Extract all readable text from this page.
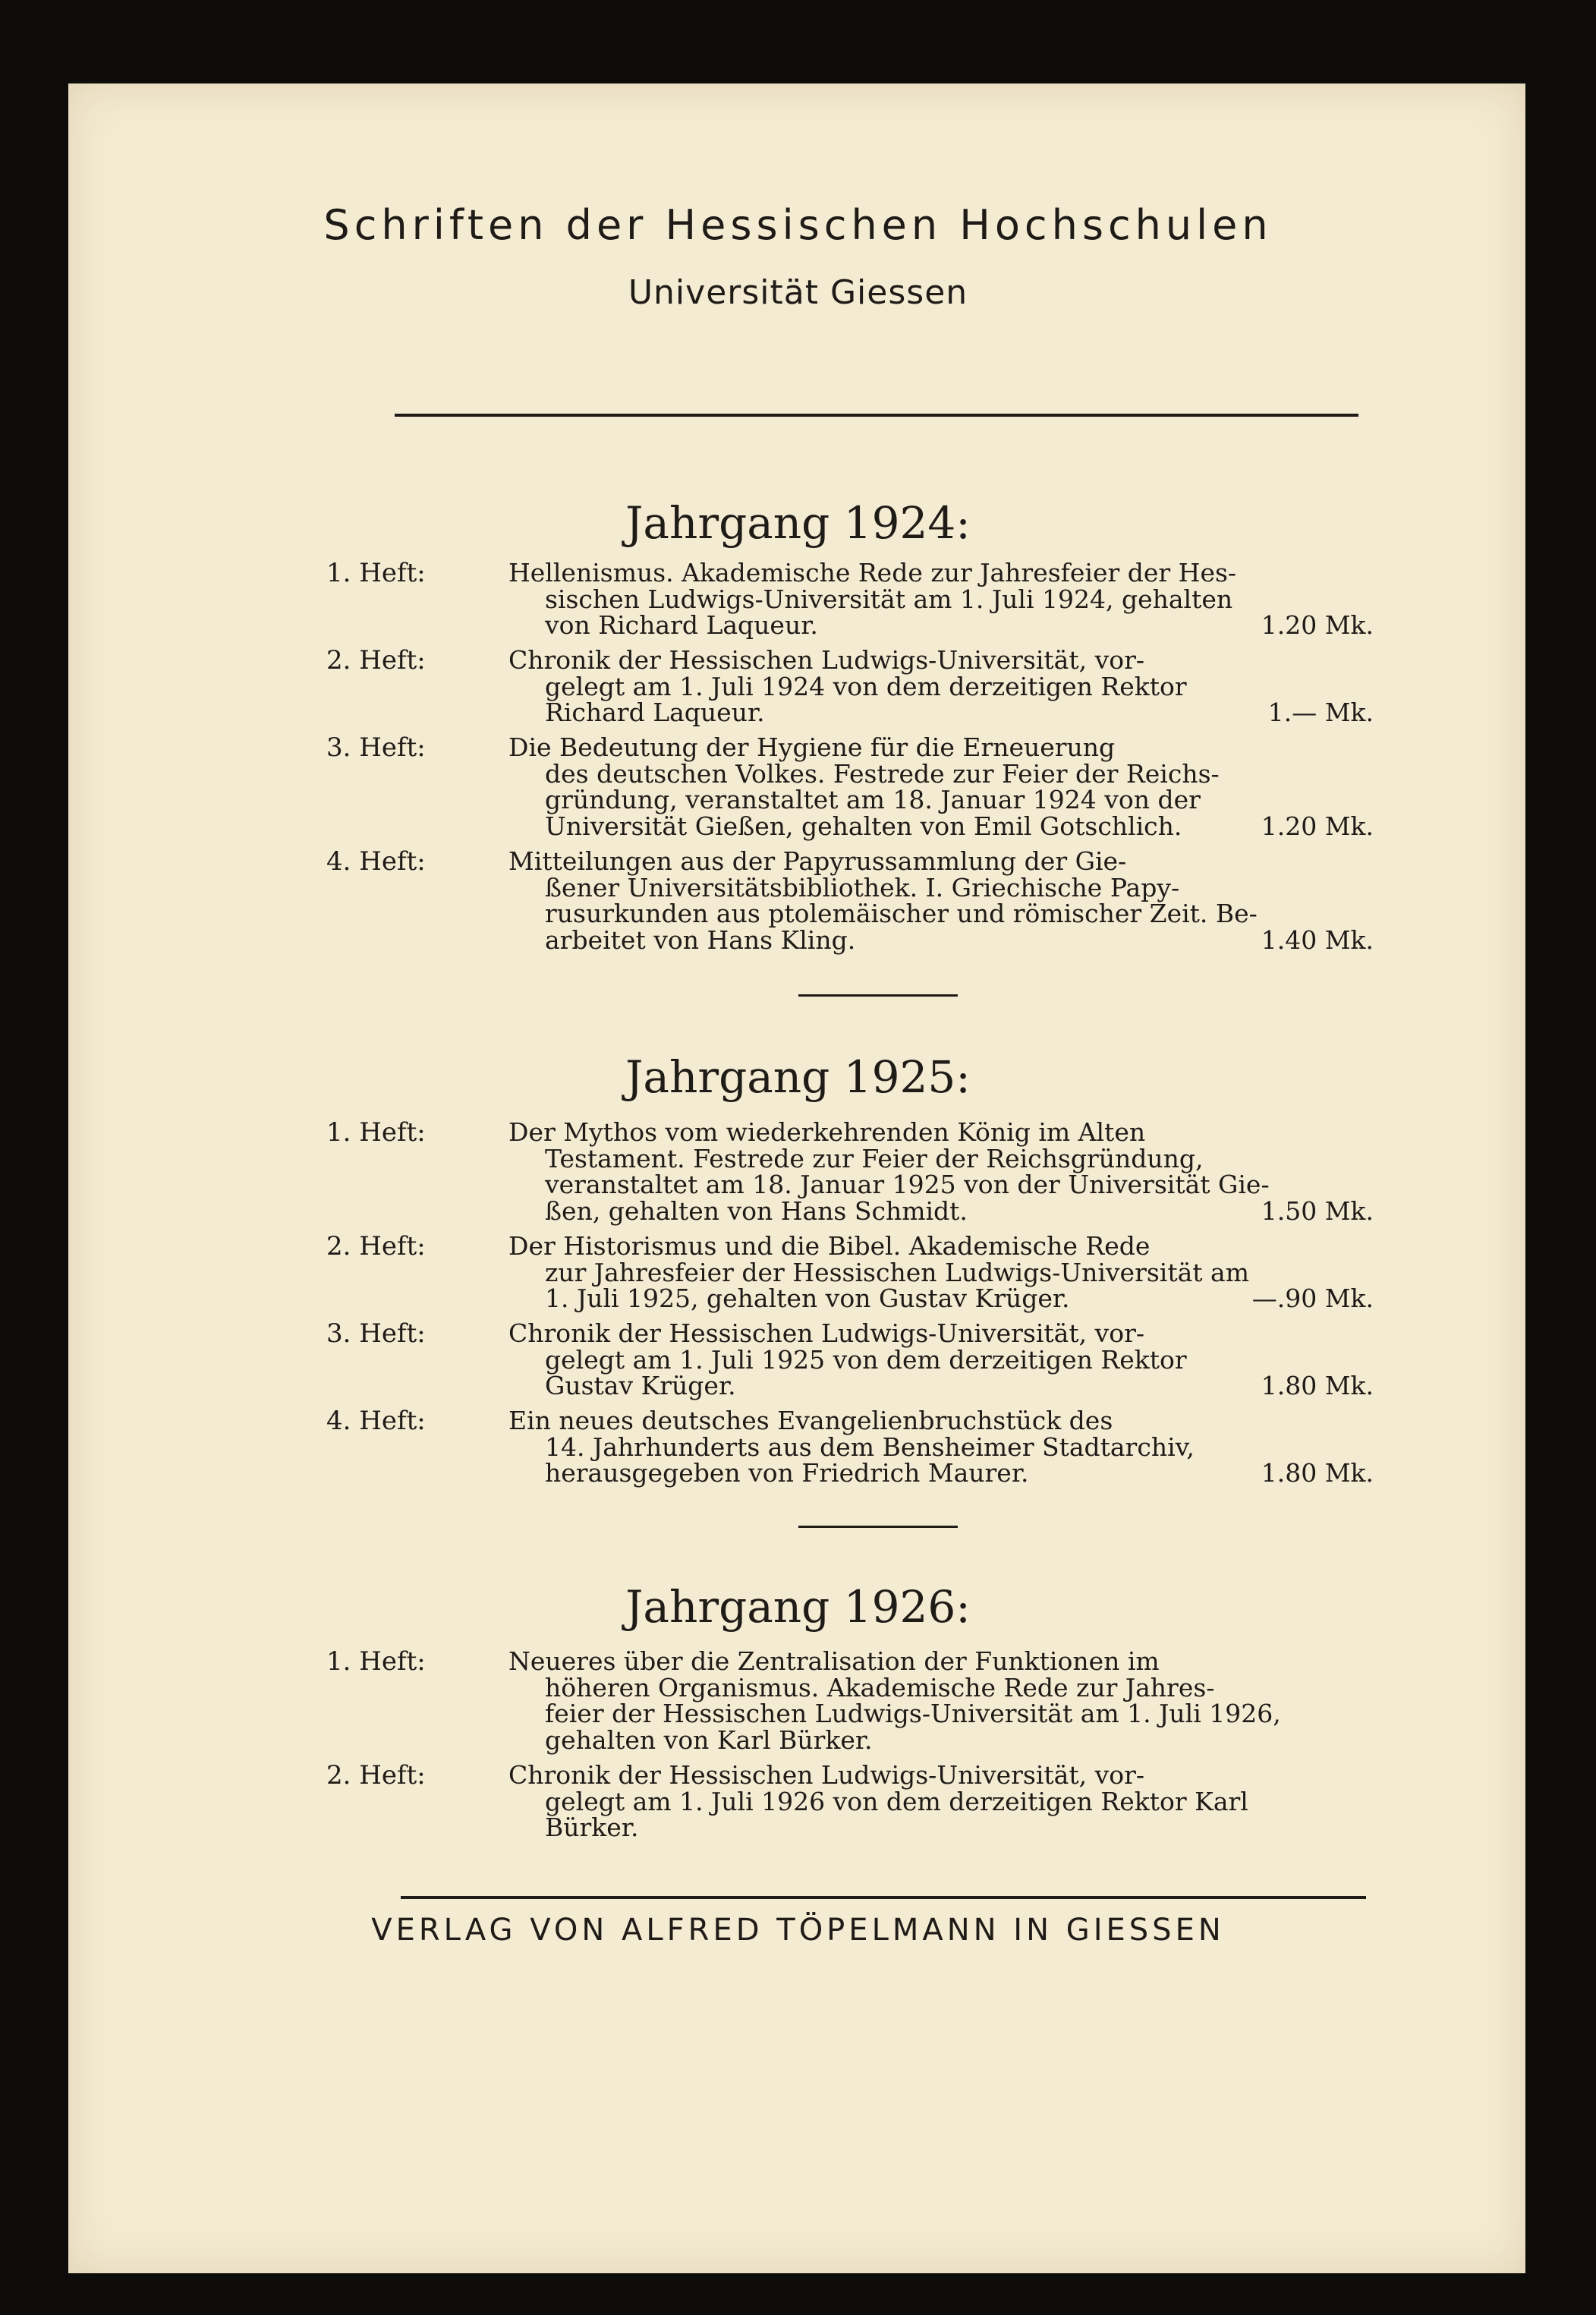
Schriften der Hessischen Hochschulen
Universität Giessen
Jahrgang 1924:
1. Heft:	Hellenismus. Akademische Rede zur Jahresfeier der Hes-
sischen Ludwigs-Universität am 1. Juli 1924, gehalten
von Richard Laqueur.	1.20 Mk.
2. Heft:	Chronik der Hessischen Ludwigs-Universität, vor-
gelegt am 1. Juli 1924 von dem derzeitigen Rektor
Richard Laqueur.	1.— Mk.
3. Heft:	Die Bedeutung der Hygiene für die Erneuerung
des deutschen Volkes. Festrede zur Feier der Reichs-
gründung, veranstaltet am 18. Januar 1924 von der
Universität Gießen, gehalten von Emil Gotschlich.	1.20 Mk.
4. Heft:	Mitteilungen aus der Papyrussammlung der Gie-
ßener Universitätsbibliothek. I. Griechische Papy-
rusurkunden aus ptolemäischer und römischer Zeit. Be-
arbeitet von Hans Kling.	1.40 Mk.
Jahrgang 1925:
1. Heft:	Der Mythos vom wiederkehrenden König im Alten
Testament. Festrede zur Feier der Reichsgründung,
veranstaltet am 18. Januar 1925 von der Universität Gie-
ßen, gehalten von Hans Schmidt.	1.50 Mk.
2. Heft:	Der Historismus und die Bibel. Akademische Rede
zur Jahresfeier der Hessischen Ludwigs-Universität am
1. Juli 1925, gehalten von Gustav Krüger.	—.90 Mk.
3. Heft:	Chronik der Hessischen Ludwigs-Universität, vor-
gelegt am 1. Juli 1925 von dem derzeitigen Rektor
Gustav Krüger.	1.80 Mk.
4. Heft:	Ein neues deutsches Evangelienbruchstück des
14. Jahrhunderts aus dem Bensheimer Stadtarchiv,
herausgegeben von Friedrich Maurer.	1.80 Mk.
Jahrgang 1926:
1. Heft:	Neueres über die Zentralisation der Funktionen im
höheren Organismus. Akademische Rede zur Jahres-
feier der Hessischen Ludwigs-Universität am 1. Juli 1926,
gehalten von Karl Bürker.
2. Heft:	Chronik der Hessischen Ludwigs-Universität, vor-
gelegt am 1. Juli 1926 von dem derzeitigen Rektor Karl
Bürker.
VERLAG VON ALFRED TÖPELMANN IN GIESSEN
